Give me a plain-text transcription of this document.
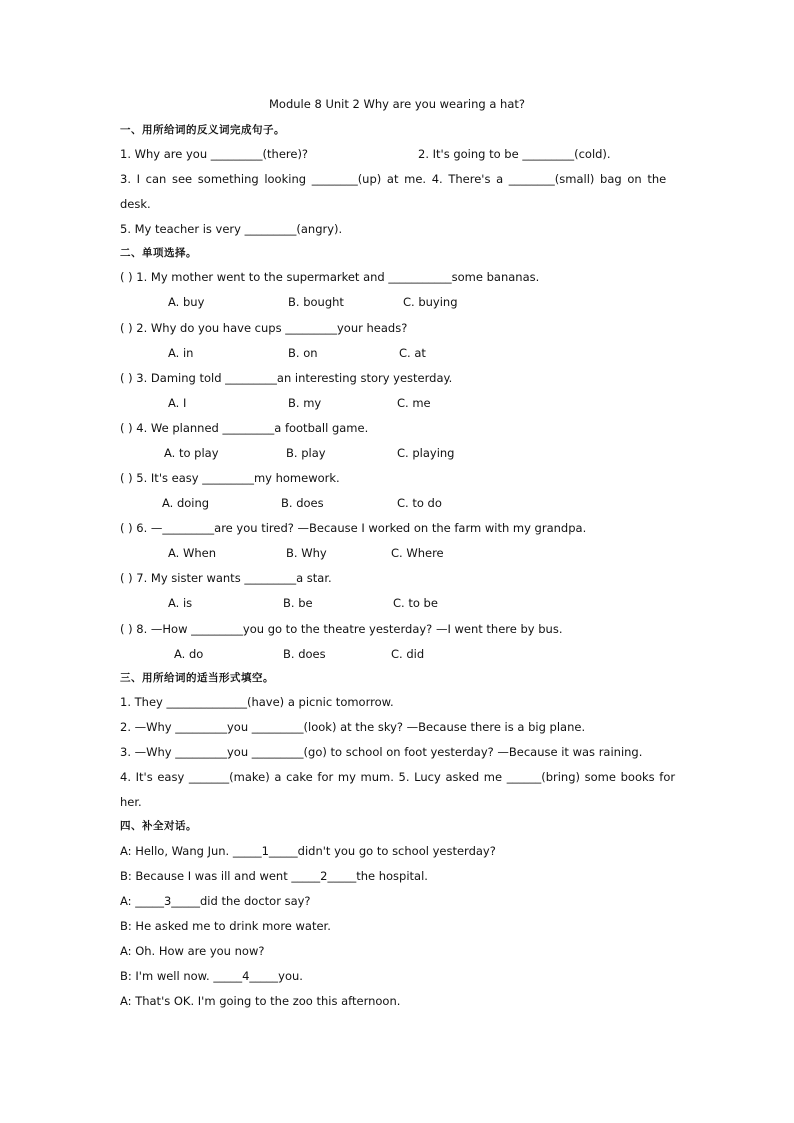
Module 8 Unit 2 Why are you wearing a hat?
一、用所给词的反义词完成句子。
1. Why are you _________(there)?	2. It's going to be _________(cold).
3. I can see something looking ________(up) at me. 4. There's a ________(small) bag on the
desk.
5. My teacher is very _________(angry).
二、单项选择。
( ) 1. My mother went to the supermarket and ___________some bananas.
A. buy	B. bought	C. buying
( ) 2. Why do you have cups _________your heads?
A. in	B. on	C. at
( ) 3. Daming told _________an interesting story yesterday.
A. I	B. my	C. me
( ) 4. We planned _________a football game.
A. to play	B. play	C. playing
( ) 5. It's easy _________my homework.
A. doing	B. does	C. to do
( ) 6. —_________are you tired? —Because I worked on the farm with my grandpa.
A. When	B. Why	C. Where
( ) 7. My sister wants _________a star.
A. is	B. be	C. to be
( ) 8. —How _________you go to the theatre yesterday? —I went there by bus.
A. do	B. does	C. did
三、用所给词的适当形式填空。
1. They ______________(have) a picnic tomorrow.
2. —Why _________you _________(look) at the sky? —Because there is a big plane.
3. —Why _________you _________(go) to school on foot yesterday? —Because it was raining.
4. It's easy _______(make) a cake for my mum. 5. Lucy asked me ______(bring) some books for
her.
四、补全对话。
A: Hello, Wang Jun. _____1_____didn't you go to school yesterday?
B: Because I was ill and went _____2_____the hospital.
A: _____3_____did the doctor say?
B: He asked me to drink more water.
A: Oh. How are you now?
B: I'm well now. _____4_____you.
A: That's OK. I'm going to the zoo this afternoon.
